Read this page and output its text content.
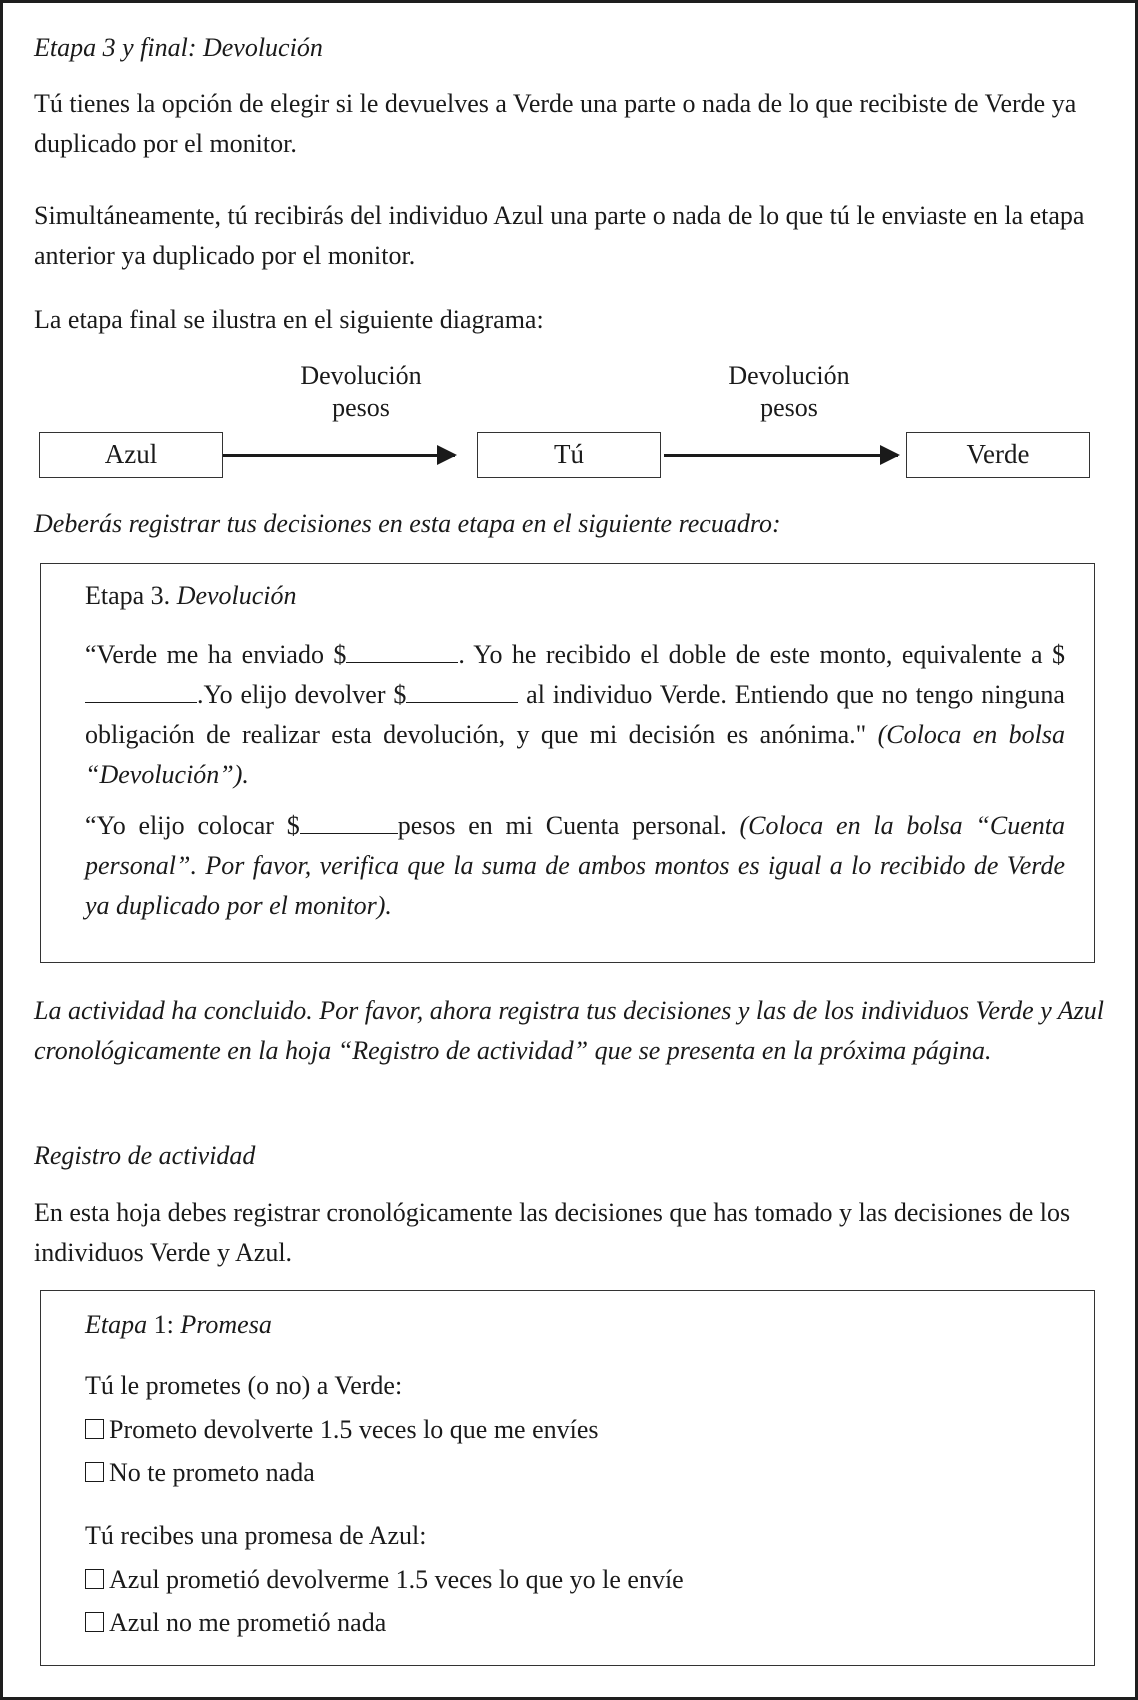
Etapa 3 y final: Devolución

Tú tienes la opción de elegir si le devuelves a Verde una parte o nada de lo que recibiste de Verde ya duplicado por el monitor.

Simultáneamente, tú recibirás del individuo Azul una parte o nada de lo que tú le enviaste en la etapa anterior ya duplicado por el monitor.

La etapa final se ilustra en el siguiente diagrama:

Devolución
pesos
Devolución
pesos
Azul	Tú	Verde

Deberás registrar tus decisiones en esta etapa en el siguiente recuadro:

Etapa 3. Devolución

“Verde me ha enviado $	. Yo he recibido el doble de este monto, equivalente a $.Yo elijo devolver $	al individuo Verde. Entiendo que no tengo ninguna obligación de realizar esta devolución, y que mi decisión es anónima." (Coloca en bolsa “Devolución”).

“Yo elijo colocar $	pesos en mi Cuenta personal. (Coloca en la bolsa “Cuenta personal”. Por favor, verifica que la suma de ambos montos es igual a lo recibido de Verde ya duplicado por el monitor).

La actividad ha concluido. Por favor, ahora registra tus decisiones y las de los individuos Verde y Azul cronológicamente en la hoja “Registro de actividad” que se presenta en la próxima página.

Registro de actividad

En esta hoja debes registrar cronológicamente las decisiones que has tomado y las decisiones de los individuos Verde y Azul.

Etapa 1: Promesa

Tú le prometes (o no) a Verde:

Prometo devolverte 1.5 veces lo que me envíes

No te prometo nada

Tú recibes una promesa de Azul:

Azul prometió devolverme 1.5 veces lo que yo le envíe

Azul no me prometió nada
